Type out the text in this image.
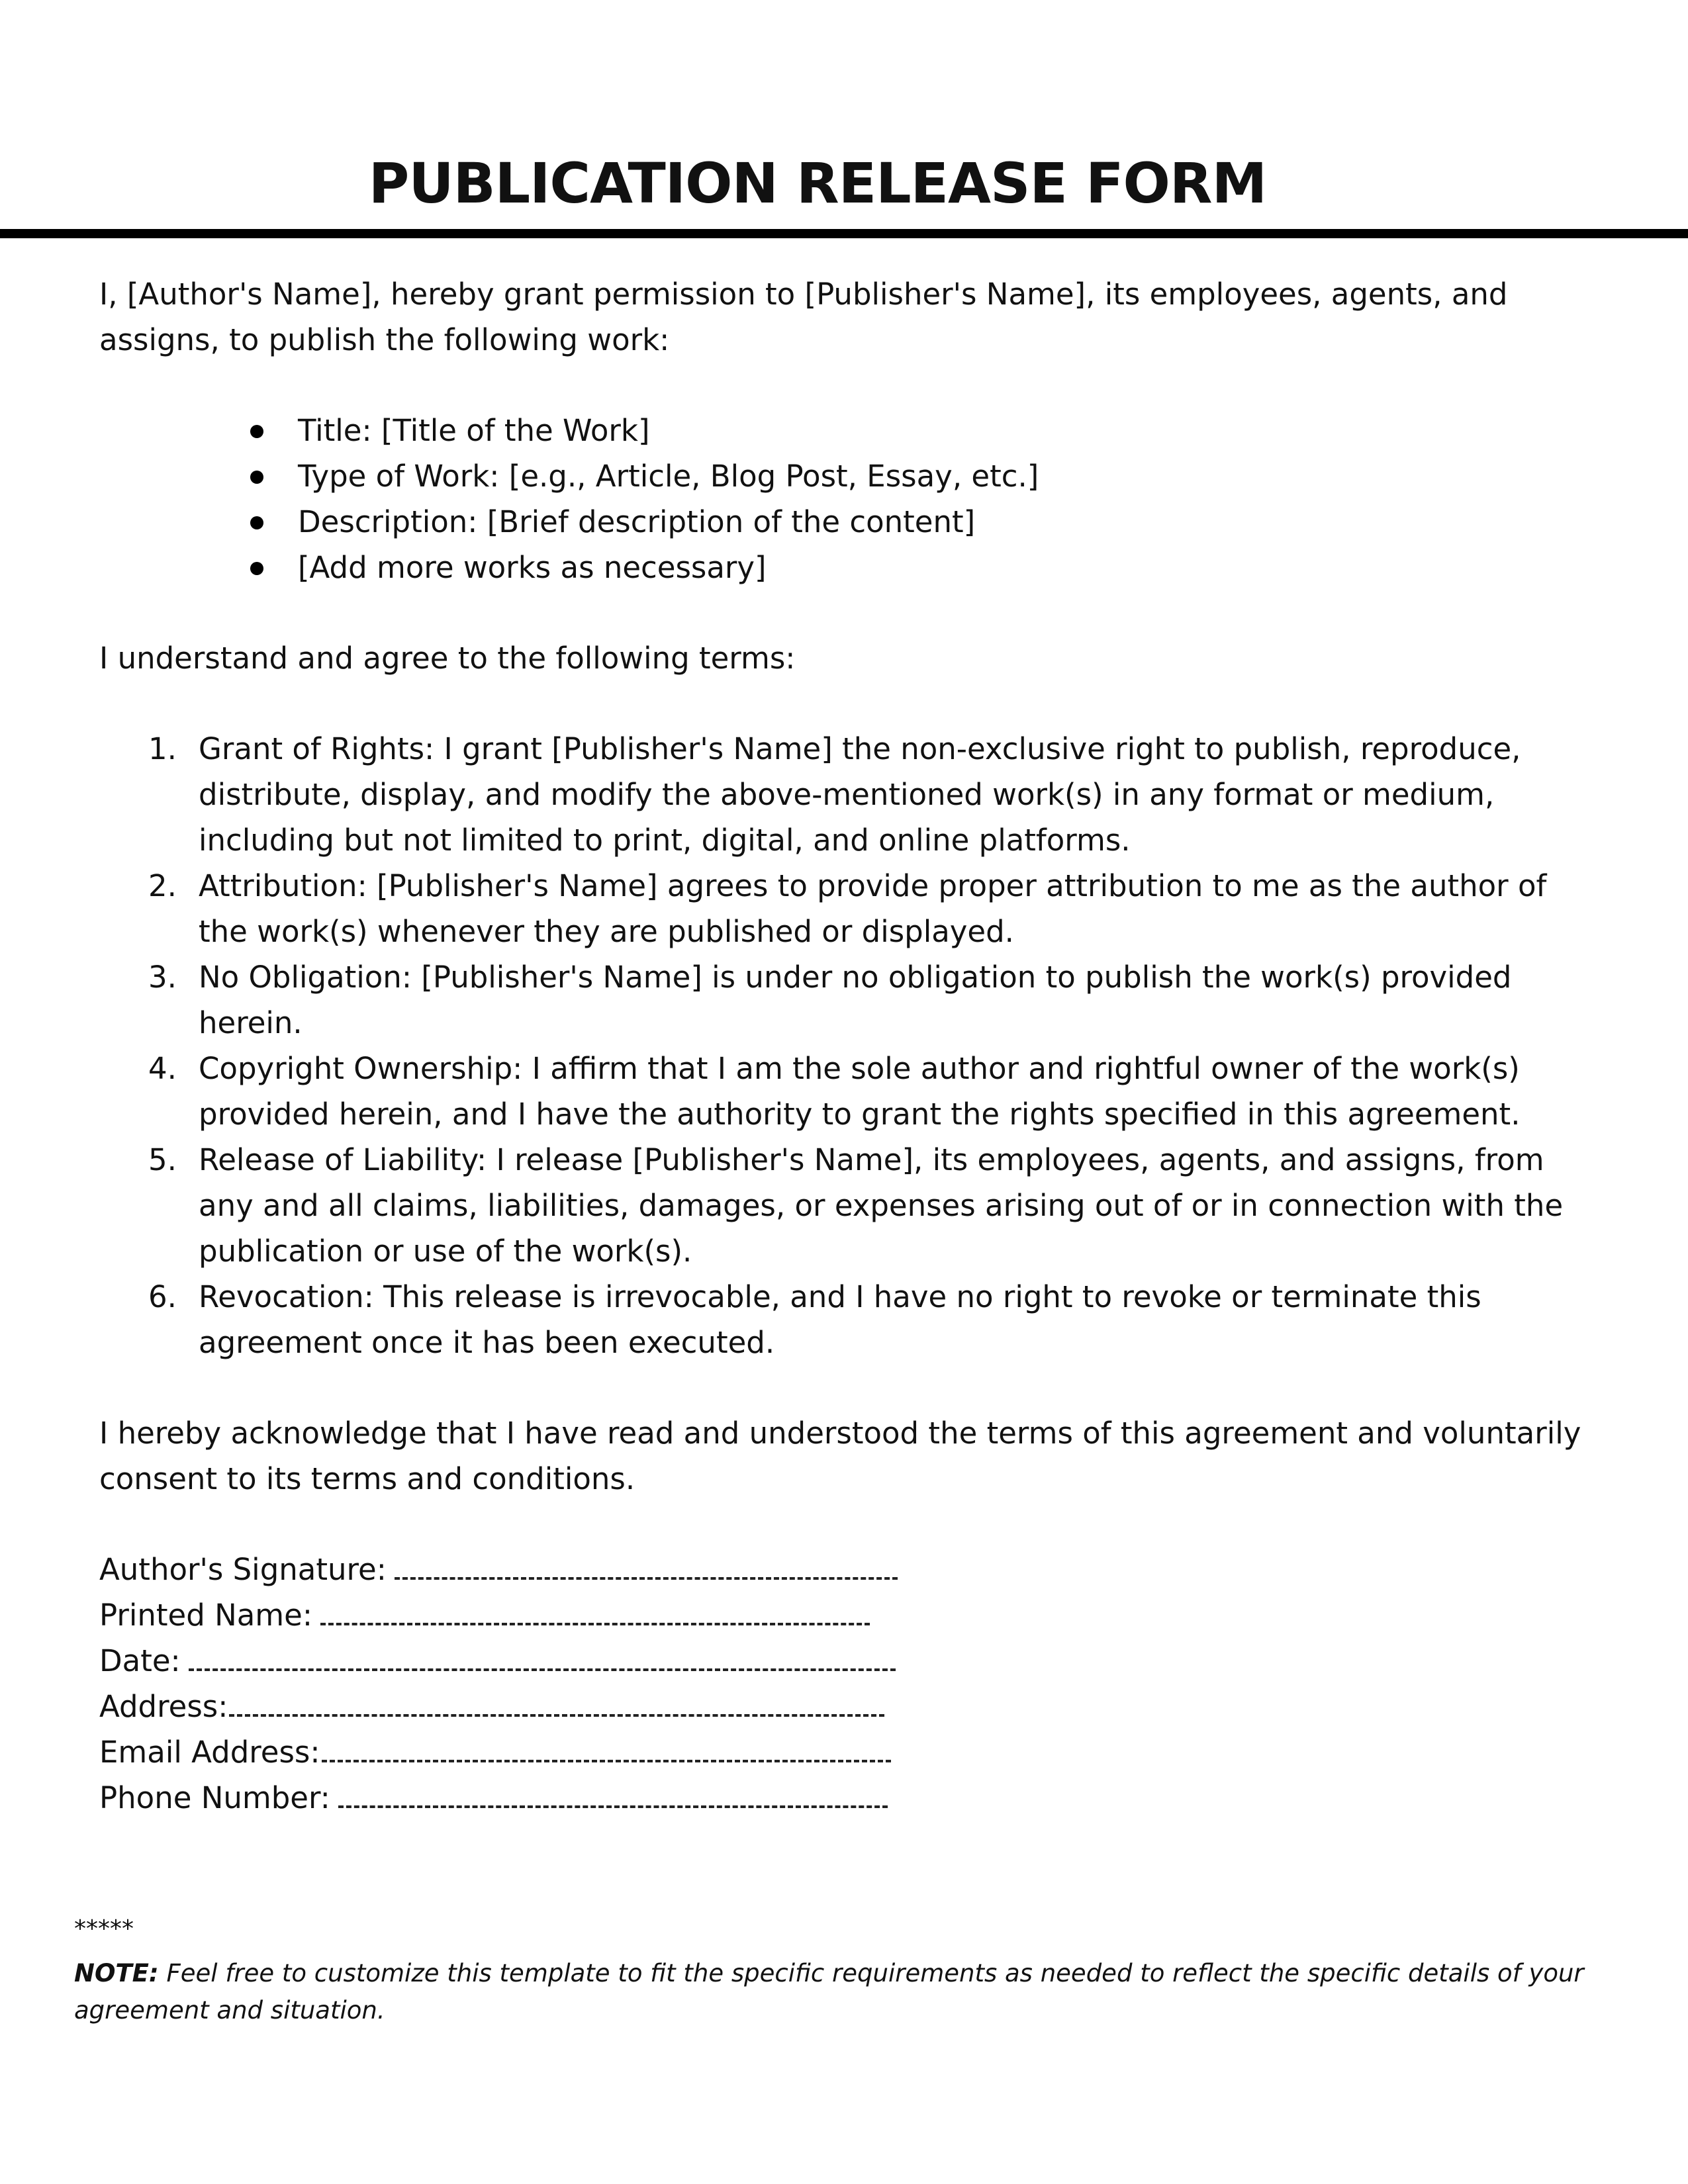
PUBLICATION RELEASE FORM

I, [Author's Name], hereby grant permission to [Publisher's Name], its employees, agents, and assigns, to publish the following work:

Title: [Title of the Work]
Type of Work: [e.g., Article, Blog Post, Essay, etc.]
Description: [Brief description of the content]
[Add more works as necessary]

I understand and agree to the following terms:

1. Grant of Rights: I grant [Publisher's Name] the non-exclusive right to publish, reproduce, distribute, display, and modify the above-mentioned work(s) in any format or medium, including but not limited to print, digital, and online platforms.
2. Attribution: [Publisher's Name] agrees to provide proper attribution to me as the author of the work(s) whenever they are published or displayed.
3. No Obligation: [Publisher's Name] is under no obligation to publish the work(s) provided herein.
4. Copyright Ownership: I affirm that I am the sole author and rightful owner of the work(s) provided herein, and I have the authority to grant the rights specified in this agreement.
5. Release of Liability: I release [Publisher's Name], its employees, agents, and assigns, from any and all claims, liabilities, damages, or expenses arising out of or in connection with the publication or use of the work(s).
6. Revocation: This release is irrevocable, and I have no right to revoke or terminate this agreement once it has been executed.

I hereby acknowledge that I have read and understood the terms of this agreement and voluntarily consent to its terms and conditions.

Author's Signature:
Printed Name:
Date:
Address:
Email Address:
Phone Number:

*****

NOTE: Feel free to customize this template to fit the specific requirements as needed to reflect the specific details of your agreement and situation.
